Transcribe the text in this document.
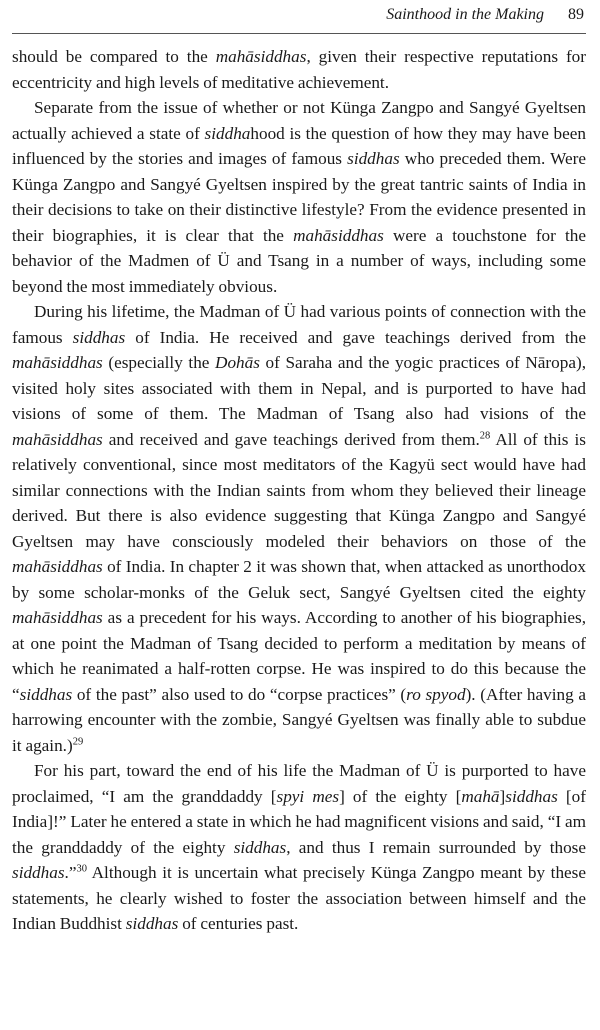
Sainthood in the Making 89

should be compared to the mahāsiddhas, given their respective reputations for eccentricity and high levels of meditative achievement.

Separate from the issue of whether or not Künga Zangpo and Sangyé Gyeltsen actually achieved a state of siddhahood is the question of how they may have been influenced by the stories and images of famous siddhas who preceded them. Were Künga Zangpo and Sangyé Gyeltsen inspired by the great tantric saints of India in their decisions to take on their distinctive lifestyle? From the evidence presented in their biographies, it is clear that the mahāsiddhas were a touchstone for the behavior of the Madmen of Ü and Tsang in a number of ways, including some beyond the most immediately obvious.

During his lifetime, the Madman of Ü had various points of connection with the famous siddhas of India. He received and gave teachings derived from the mahāsiddhas (especially the Dohās of Saraha and the yogic practices of Nāropa), visited holy sites associated with them in Nepal, and is purported to have had visions of some of them. The Madman of Tsang also had visions of the mahāsiddhas and received and gave teachings derived from them.$^{28}$ All of this is relatively conventional, since most meditators of the Kagyü sect would have had similar connections with the Indian saints from whom they believed their lineage derived. But there is also evidence suggesting that Künga Zangpo and Sangyé Gyeltsen may have consciously modeled their behaviors on those of the mahāsiddhas of India. In chapter 2 it was shown that, when attacked as unorthodox by some scholar-monks of the Geluk sect, Sangyé Gyeltsen cited the eighty mahāsiddhas as a precedent for his ways. According to another of his biographies, at one point the Madman of Tsang decided to perform a meditation by means of which he reanimated a half-rotten corpse. He was inspired to do this because the “siddhas of the past” also used to do “corpse practices” (ro spyod). (After having a harrowing encounter with the zombie, Sangyé Gyeltsen was finally able to subdue it again.)$^{29}$

For his part, toward the end of his life the Madman of Ü is purported to have proclaimed, “I am the granddaddy [spyi mes] of the eighty [mahā]siddhas [of India]!” Later he entered a state in which he had magnificent visions and said, “I am the granddaddy of the eighty siddhas, and thus I remain surrounded by those siddhas.”$^{30}$ Although it is uncertain what precisely Künga Zangpo meant by these statements, he clearly wished to foster the association between himself and the Indian Buddhist siddhas of centuries past.
